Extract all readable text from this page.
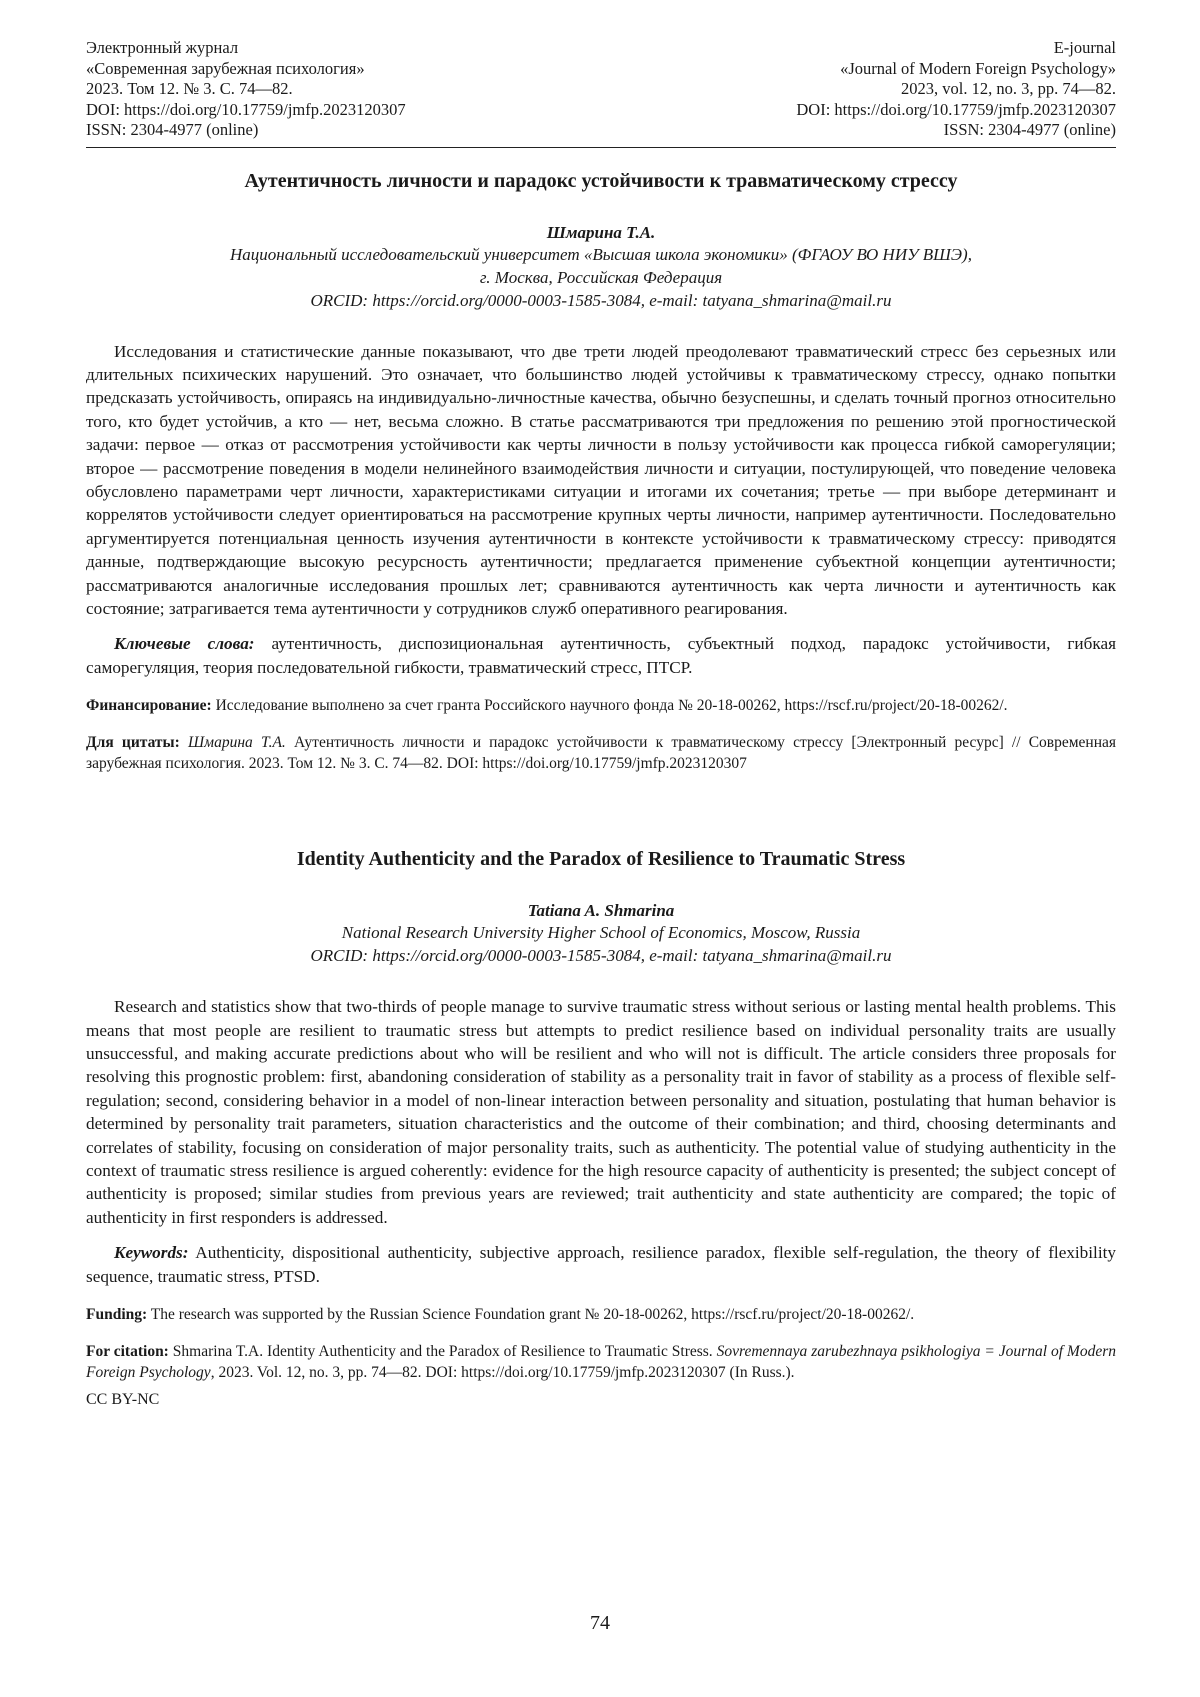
Электронный журнал
«Современная зарубежная психология»
2023. Том 12. № 3. С. 74—82.
DOI: https://doi.org/10.17759/jmfp.2023120307
ISSN: 2304-4977 (online)
E-journal
«Journal of Modern Foreign Psychology»
2023, vol. 12, no. 3, pp. 74—82.
DOI: https://doi.org/10.17759/jmfp.2023120307
ISSN: 2304-4977 (online)
Аутентичность личности и парадокс устойчивости к травматическому стрессу
Шмарина Т.А.
Национальный исследовательский университет «Высшая школа экономики» (ФГАОУ ВО НИУ ВШЭ),
г. Москва, Российская Федерация
ORCID: https://orcid.org/0000-0003-1585-3084, e-mail: tatyana_shmarina@mail.ru
Исследования и статистические данные показывают, что две трети людей преодолевают травматический стресс без серьезных или длительных психических нарушений. Это означает, что большинство людей устойчивы к травматическому стрессу, однако попытки предсказать устойчивость, опираясь на индивидуально-личностные качества, обычно безуспешны, и сделать точный прогноз относительно того, кто будет устойчив, а кто — нет, весьма сложно. В статье рассматриваются три предложения по решению этой прогностической задачи: первое — отказ от рассмотрения устойчивости как черты личности в пользу устойчивости как процесса гибкой саморегуляции; второе — рассмотрение поведения в модели нелинейного взаимодействия личности и ситуации, постулирующей, что поведение человека обусловлено параметрами черт личности, характеристиками ситуации и итогами их сочетания; третье — при выборе детерминант и коррелятов устойчивости следует ориентироваться на рассмотрение крупных черты личности, например аутентичности. Последовательно аргументируется потенциальная ценность изучения аутентичности в контексте устойчивости к травматическому стрессу: приводятся данные, подтверждающие высокую ресурсность аутентичности; предлагается применение субъектной концепции аутентичности; рассматриваются аналогичные исследования прошлых лет; сравниваются аутентичность как черта личности и аутентичность как состояние; затрагивается тема аутентичности у сотрудников служб оперативного реагирования.
Ключевые слова: аутентичность, диспозициональная аутентичность, субъектный подход, парадокс устойчивости, гибкая саморегуляция, теория последовательной гибкости, травматический стресс, ПТСР.
Финансирование: Исследование выполнено за счет гранта Российского научного фонда № 20-18-00262, https://rscf.ru/project/20-18-00262/.
Для цитаты: Шмарина Т.А. Аутентичность личности и парадокс устойчивости к травматическому стрессу [Электронный ресурс] // Современная зарубежная психология. 2023. Том 12. № 3. С. 74—82. DOI: https://doi.org/10.17759/jmfp.2023120307
Identity Authenticity and the Paradox of Resilience to Traumatic Stress
Tatiana A. Shmarina
National Research University Higher School of Economics, Moscow, Russia
ORCID: https://orcid.org/0000-0003-1585-3084, e-mail: tatyana_shmarina@mail.ru
Research and statistics show that two-thirds of people manage to survive traumatic stress without serious or lasting mental health problems. This means that most people are resilient to traumatic stress but attempts to predict resilience based on individual personality traits are usually unsuccessful, and making accurate predictions about who will be resilient and who will not is difficult. The article considers three proposals for resolving this prognostic problem: first, abandoning consideration of stability as a personality trait in favor of stability as a process of flexible self-regulation; second, considering behavior in a model of non-linear interaction between personality and situation, postulating that human behavior is determined by personality trait parameters, situation characteristics and the outcome of their combination; and third, choosing determinants and correlates of stability, focusing on consideration of major personality traits, such as authenticity. The potential value of studying authenticity in the context of traumatic stress resilience is argued coherently: evidence for the high resource capacity of authenticity is presented; the subject concept of authenticity is proposed; similar studies from previous years are reviewed; trait authenticity and state authenticity are compared; the topic of authenticity in first responders is addressed.
Keywords: Authenticity, dispositional authenticity, subjective approach, resilience paradox, flexible self-regulation, the theory of flexibility sequence, traumatic stress, PTSD.
Funding: The research was supported by the Russian Science Foundation grant № 20-18-00262, https://rscf.ru/project/20-18-00262/.
For citation: Shmarina T.A. Identity Authenticity and the Paradox of Resilience to Traumatic Stress. Sovremennaya zarubezhnaya psikhologiya = Journal of Modern Foreign Psychology, 2023. Vol. 12, no. 3, pp. 74—82. DOI: https://doi.org/10.17759/jmfp.2023120307 (In Russ.).
CC BY-NC
74
